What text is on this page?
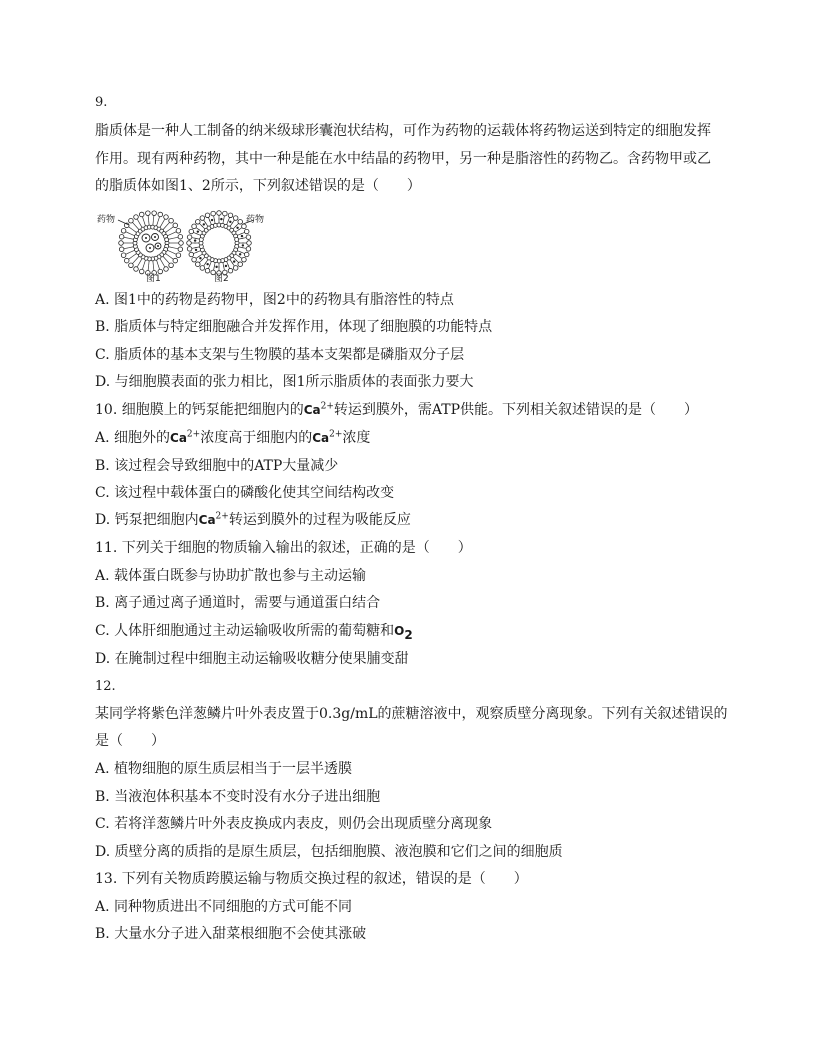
9.
脂质体是一种人工制备的纳米级球形囊泡状结构，可作为药物的运载体将药物运送到特定的细胞发挥
作用。现有两种药物，其中一种是能在水中结晶的药物甲，另一种是脂溶性的药物乙。含药物甲或乙
的脂质体如图1、2所示，下列叙述错误的是（　　）
药物	药物
图1	图2
A. 图1中的药物是药物甲，图2中的药物具有脂溶性的特点
B. 脂质体与特定细胞融合并发挥作用，体现了细胞膜的功能特点
C. 脂质体的基本支架与生物膜的基本支架都是磷脂双分子层
D. 与细胞膜表面的张力相比，图1所示脂质体的表面张力要大
10. 细胞膜上的钙泵能把细胞内的$Ca^{2+}$转运到膜外，需ATP供能。下列相关叙述错误的是（　　）
A. 细胞外的$Ca^{2+}$浓度高于细胞内的$Ca^{2+}$浓度
B. 该过程会导致细胞中的ATP大量减少
C. 该过程中载体蛋白的磷酸化使其空间结构改变
D. 钙泵把细胞内$Ca^{2+}$转运到膜外的过程为吸能反应
11. 下列关于细胞的物质输入输出的叙述，正确的是（　　）
A. 载体蛋白既参与协助扩散也参与主动运输
B. 离子通过离子通道时，需要与通道蛋白结合
C. 人体肝细胞通过主动运输吸收所需的葡萄糖和$O_2$
D. 在腌制过程中细胞主动运输吸收糖分使果脯变甜
12.
某同学将紫色洋葱鳞片叶外表皮置于0.3g/mL的蔗糖溶液中，观察质壁分离现象。下列有关叙述错误的
是（　　）
A. 植物细胞的原生质层相当于一层半透膜
B. 当液泡体积基本不变时没有水分子进出细胞
C. 若将洋葱鳞片叶外表皮换成内表皮，则仍会出现质壁分离现象
D. 质壁分离的质指的是原生质层，包括细胞膜、液泡膜和它们之间的细胞质
13. 下列有关物质跨膜运输与物质交换过程的叙述，错误的是（　　）
A. 同种物质进出不同细胞的方式可能不同
B. 大量水分子进入甜菜根细胞不会使其涨破
